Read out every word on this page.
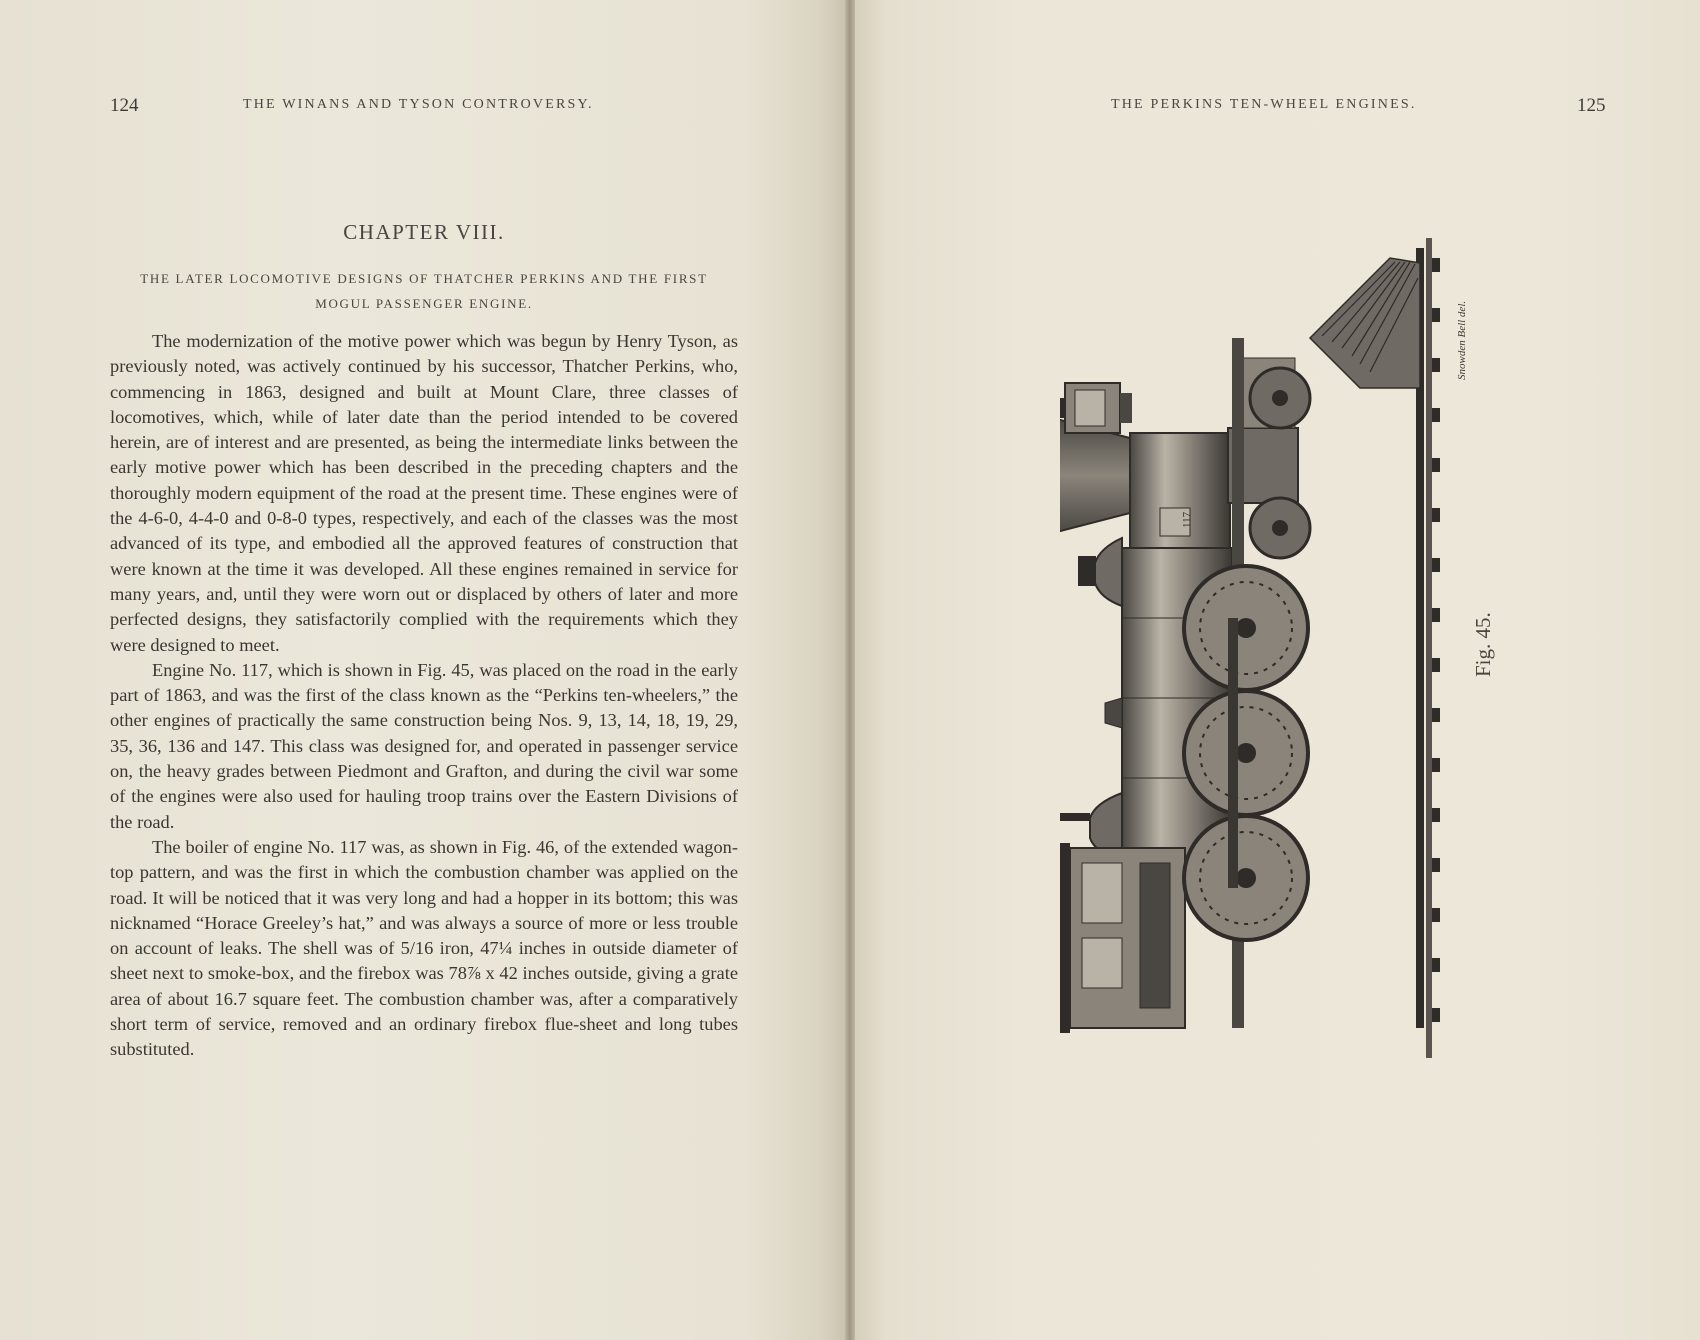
124	THE WINANS AND TYSON CONTROVERSY.
CHAPTER VIII.
THE LATER LOCOMOTIVE DESIGNS OF THATCHER PERKINS AND THE FIRST MOGUL PASSENGER ENGINE.

The modernization of the motive power which was begun by Henry Tyson, as previously noted, was actively continued by his successor, Thatcher Perkins, who, commencing in 1863, designed and built at Mount Clare, three classes of locomotives, which, while of later date than the period intended to be covered herein, are of interest and are presented, as being the intermediate links between the early motive power which has been described in the preceding chapters and the thoroughly modern equipment of the road at the present time. These engines were of the 4-6-0, 4-4-0 and 0-8-0 types, respectively, and each of the classes was the most advanced of its type, and embodied all the approved features of construction that were known at the time it was developed. All these engines remained in service for many years, and, until they were worn out or displaced by others of later and more perfected designs, they satisfactorily complied with the requirements which they were designed to meet.

Engine No. 117, which is shown in Fig. 45, was placed on the road in the early part of 1863, and was the first of the class known as the “Perkins ten-wheelers,” the other engines of practically the same construction being Nos. 9, 13, 14, 18, 19, 29, 35, 36, 136 and 147. This class was designed for, and operated in passenger service on, the heavy grades between Piedmont and Grafton, and during the civil war some of the engines were also used for hauling troop trains over the Eastern Divisions of the road.

The boiler of engine No. 117 was, as shown in Fig. 46, of the extended wagon-top pattern, and was the first in which the combustion chamber was applied on the road. It will be noticed that it was very long and had a hopper in its bottom; this was nicknamed “Horace Greeley’s hat,” and was always a source of more or less trouble on account of leaks. The shell was of 5/16 iron, 47¼ inches in outside diameter of sheet next to smoke-box, and the firebox was 78⅞ x 42 inches outside, giving a grate area of about 16.7 square feet. The combustion chamber was, after a comparatively short term of service, removed and an ordinary firebox flue-sheet and long tubes substituted.

THE PERKINS TEN-WHEEL ENGINES.	125
117
Snowden Bell del.
Fig. 45.
